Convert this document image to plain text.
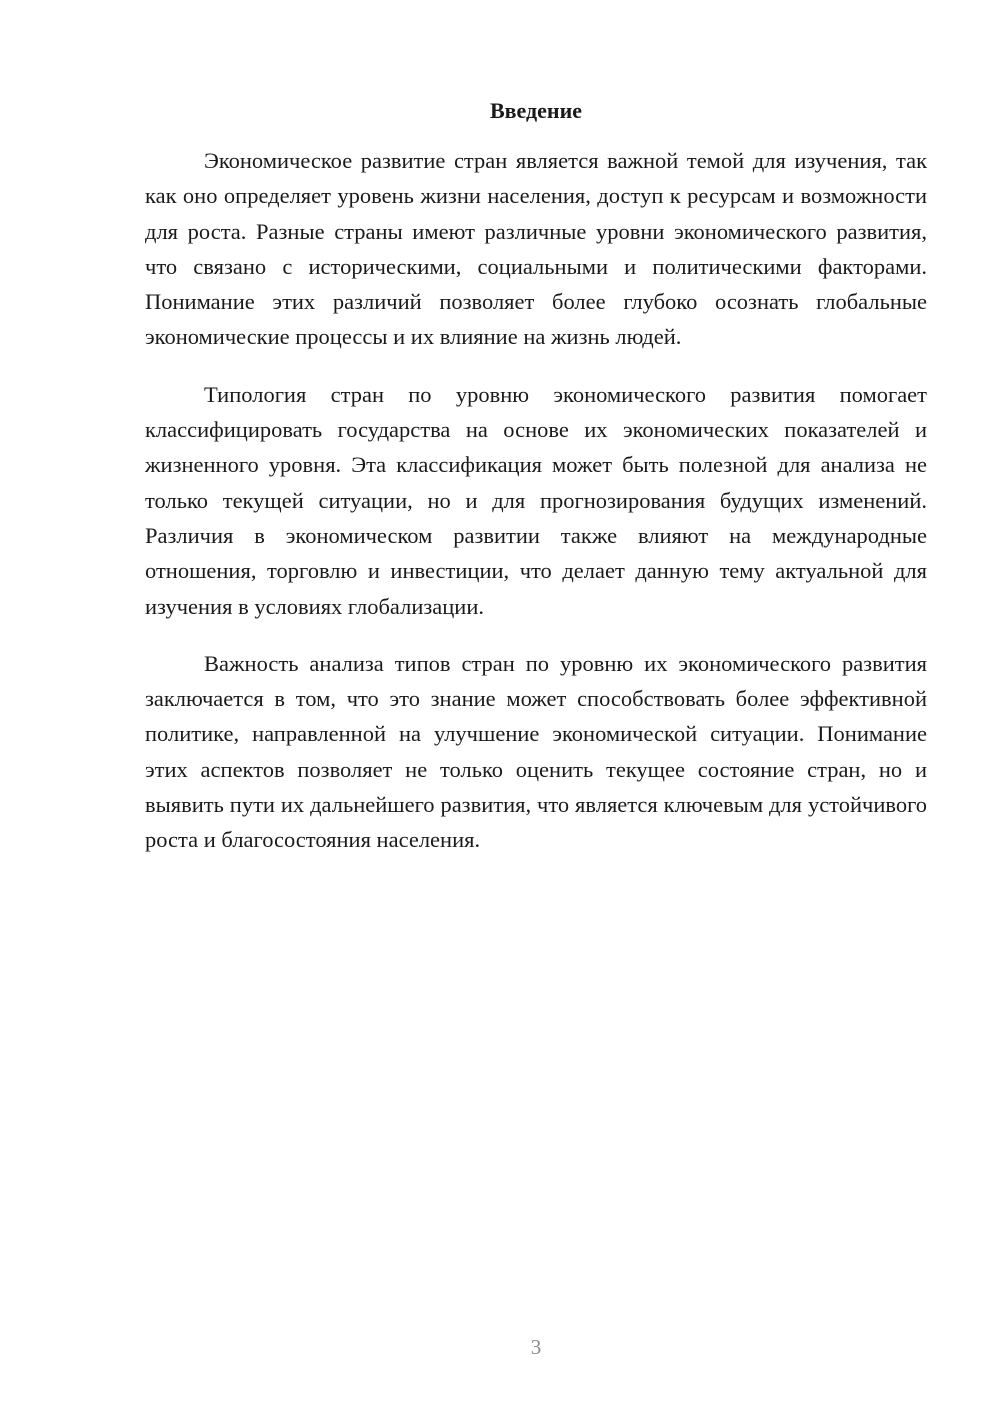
Введение

Экономическое развитие стран является важной темой для изучения, так как оно определяет уровень жизни населения, доступ к ресурсам и возможности для роста. Разные страны имеют различные уровни экономического развития, что связано с историческими, социальными и политическими факторами. Понимание этих различий позволяет более глубоко осознать глобальные экономические процессы и их влияние на жизнь людей.

Типология стран по уровню экономического развития помогает классифицировать государства на основе их экономических показателей и жизненного уровня. Эта классификация может быть полезной для анализа не только текущей ситуации, но и для прогнозирования будущих изменений. Различия в экономическом развитии также влияют на международные отношения, торговлю и инвестиции, что делает данную тему актуальной для изучения в условиях глобализации.

Важность анализа типов стран по уровню их экономического развития заключается в том, что это знание может способствовать более эффективной политике, направленной на улучшение экономической ситуации. Понимание этих аспектов позволяет не только оценить текущее состояние стран, но и выявить пути их дальнейшего развития, что является ключевым для устойчивого роста и благосостояния населения.

3
